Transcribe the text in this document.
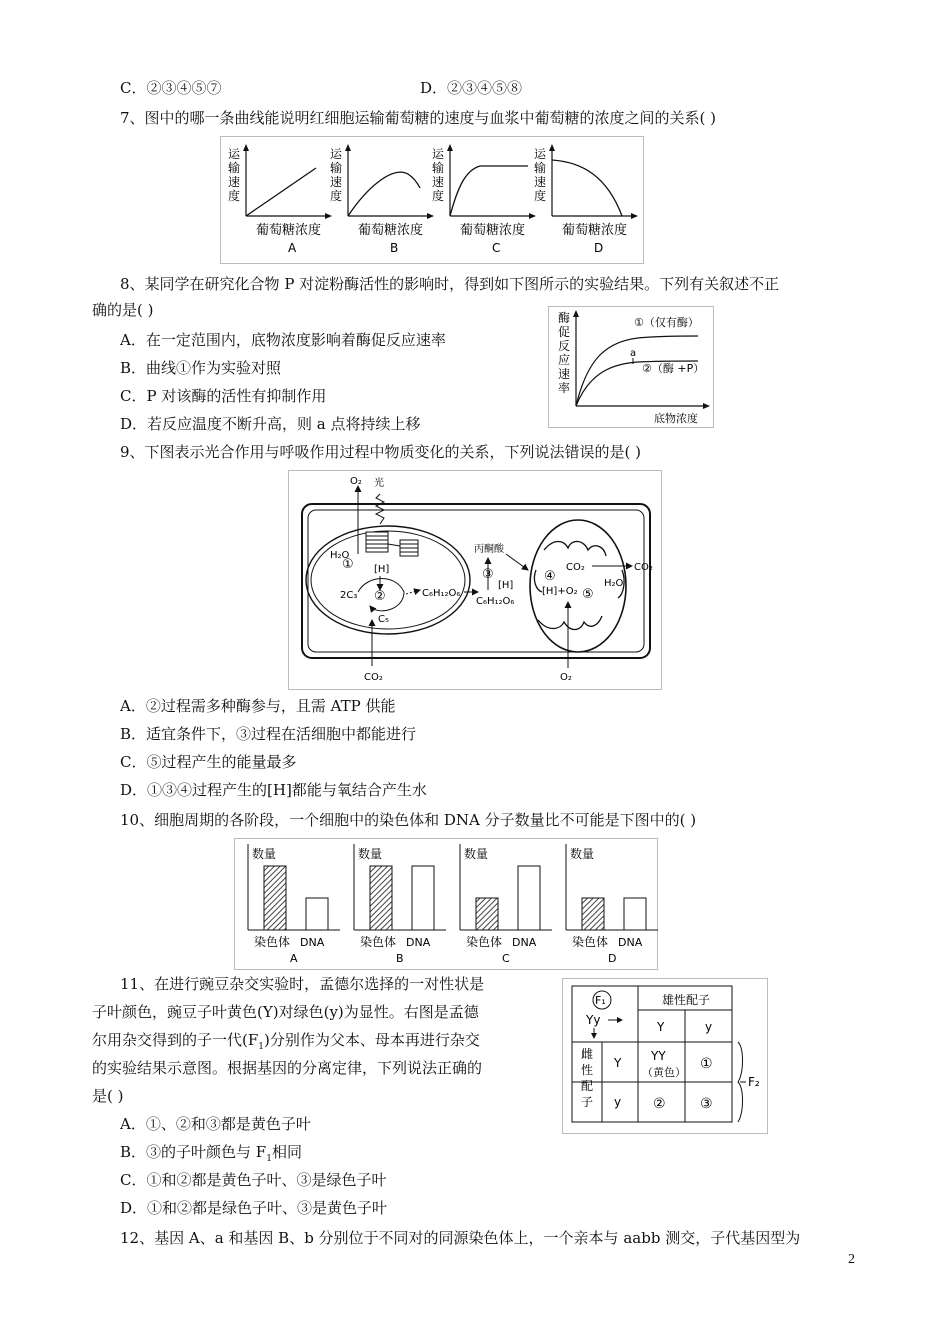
C．②③④⑤⑦	D．②③④⑤⑧
7、图中的哪一条曲线能说明红细胞运输葡萄糖的速度与血浆中葡萄糖的浓度之间的关系( )
运
输
速
度
葡萄糖浓度
A
运
输
速
度
葡萄糖浓度
B
运
输
速
度
葡萄糖浓度
C
运
输
速
度
葡萄糖浓度
D
8、某同学在研究化合物 P 对淀粉酶活性的影响时，得到如下图所示的实验结果。下列有关叙述不正
确的是( )
A．在一定范围内，底物浓度影响着酶促反应速率
B．曲线①作为实验对照
C．P 对该酶的活性有抑制作用
D．若反应温度不断升高，则 a 点将持续上移
酶促反应速率
①（仅有酶）
②（酶 +P）
a
底物浓度
9、下图表示光合作用与呼吸作用过程中物质变化的关系，下列说法错误的是( )
O₂ 光
H₂O
① [H]
2C₃ ②
C₅
C₆H₁₂O₆
CO₂
丙酮酸
③
[H]
C₆H₁₂O₆
④
CO₂
[H]+O₂ ⑤
H₂O
CO₂
O₂
A．②过程需多种酶参与，且需 ATP 供能
B．适宜条件下，③过程在活细胞中都能进行
C．⑤过程产生的能量最多
D．①③④过程产生的[H]都能与氧结合产生水
10、细胞周期的各阶段，一个细胞中的染色体和 DNA 分子数量比不可能是下图中的( )
数量
染色体 DNA
A
数量
染色体 DNA
B
数量
染色体 DNA
C
数量
染色体 DNA
D
11、在进行豌豆杂交实验时，孟德尔选择的一对性状是
子叶颜色，豌豆子叶黄色(Y)对绿色(y)为显性。右图是孟德
尔用杂交得到的子一代$(F_1)$分别作为父本、母本再进行杂交
的实验结果示意图。根据基因的分离定律，下列说法正确的
是( )
A．①、②和③都是黄色子叶
B．③的子叶颜色与 $F_1$相同
C．①和②都是黄色子叶、③是绿色子叶
D．①和②都是绿色子叶、③是黄色子叶
F₁
Yy
雄性配子
Y	y
雌
性
配
子
Y
y
YY
（黄色）
①
② ③
F₂
12、基因 A、a 和基因 B、b 分别位于不同对的同源染色体上，一个亲本与 aabb 测交，子代基因型为
2
